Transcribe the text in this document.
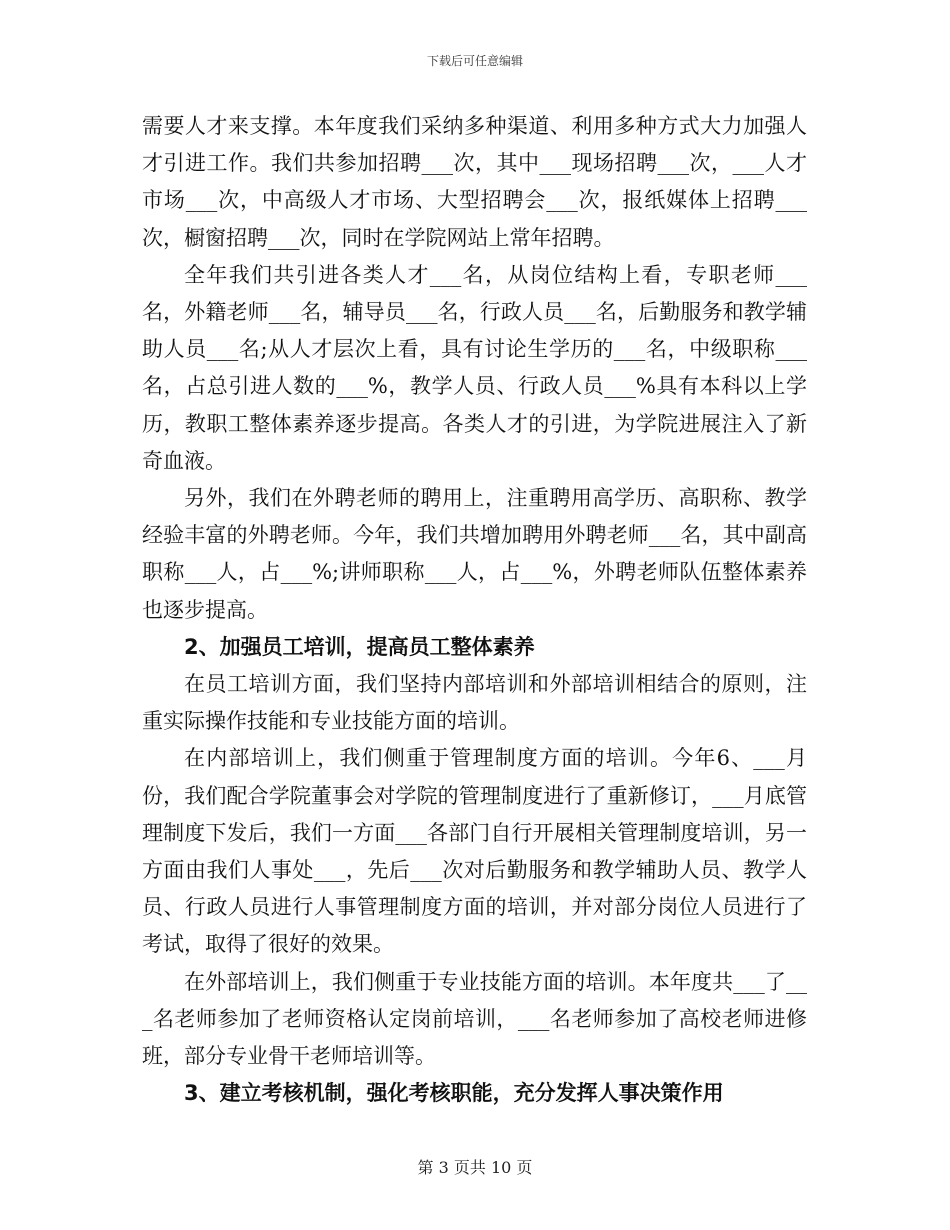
下载后可任意编辑

需要人才来支撑。本年度我们采纳多种渠道、利用多种方式大力加强人才引进工作。我们共参加招聘___次，其中___现场招聘___次，___人才市场___次，中高级人才市场、大型招聘会___次，报纸媒体上招聘___次，橱窗招聘___次，同时在学院网站上常年招聘。

全年我们共引进各类人才___名，从岗位结构上看，专职老师___名，外籍老师___名，辅导员___名，行政人员___名，后勤服务和教学辅助人员___名;从人才层次上看，具有讨论生学历的___名，中级职称___名，占总引进人数的___%，教学人员、行政人员___%具有本科以上学历，教职工整体素养逐步提高。各类人才的引进，为学院进展注入了新奇血液。

另外，我们在外聘老师的聘用上，注重聘用高学历、高职称、教学经验丰富的外聘老师。今年，我们共增加聘用外聘老师___名，其中副高职称___人，占___%;讲师职称___人，占___%，外聘老师队伍整体素养也逐步提高。

2、加强员工培训，提高员工整体素养

在员工培训方面，我们坚持内部培训和外部培训相结合的原则，注重实际操作技能和专业技能方面的培训。

在内部培训上，我们侧重于管理制度方面的培训。今年6、___月份，我们配合学院董事会对学院的管理制度进行了重新修订，___月底管理制度下发后，我们一方面___各部门自行开展相关管理制度培训，另一方面由我们人事处___，先后___次对后勤服务和教学辅助人员、教学人员、行政人员进行人事管理制度方面的培训，并对部分岗位人员进行了考试，取得了很好的效果。

在外部培训上，我们侧重于专业技能方面的培训。本年度共___了___名老师参加了老师资格认定岗前培训，___名老师参加了高校老师进修班，部分专业骨干老师培训等。

3、建立考核机制，强化考核职能，充分发挥人事决策作用

第 3 页共 10 页
